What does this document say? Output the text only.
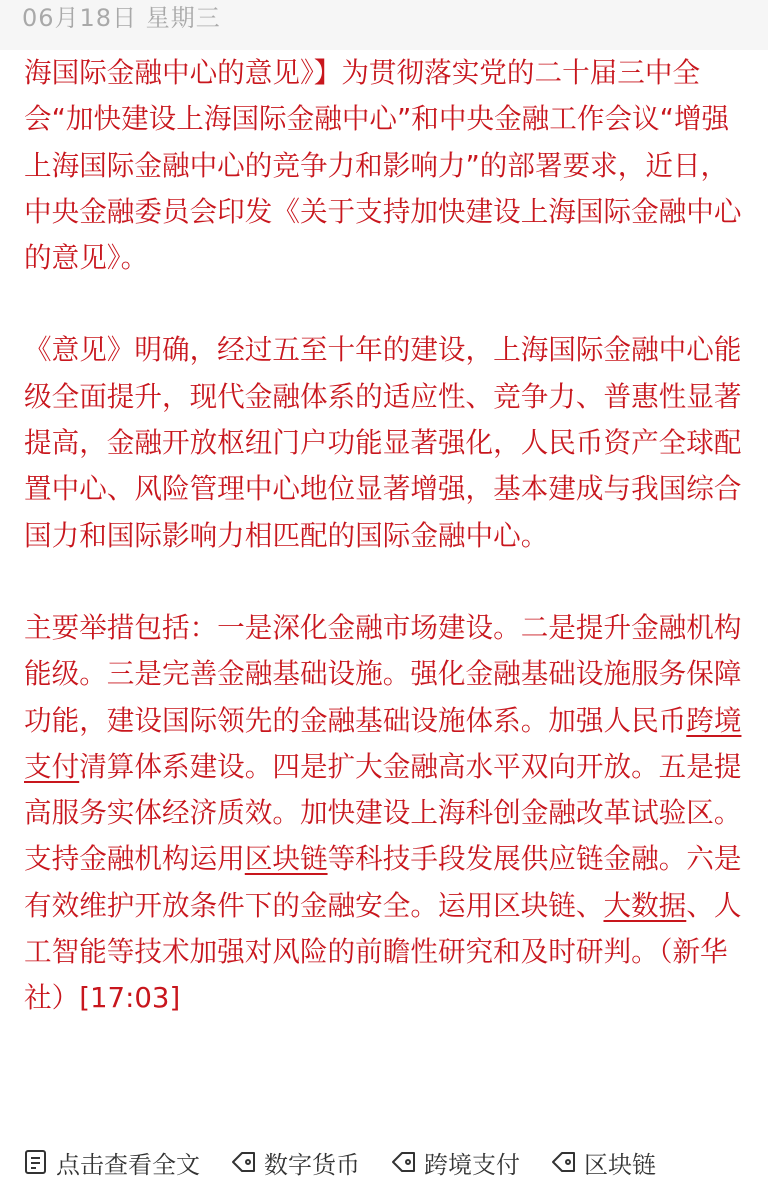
06月18日 星期三

海国际金融中心的意见》】为贯彻落实党的二十届三中全会“加快建设上海国际金融中心”和中央金融工作会议“增强上海国际金融中心的竞争力和影响力”的部署要求，近日，中央金融委员会印发《关于支持加快建设上海国际金融中心的意见》。

《意见》明确，经过五至十年的建设，上海国际金融中心能级全面提升，现代金融体系的适应性、竞争力、普惠性显著提高，金融开放枢纽门户功能显著强化，人民币资产全球配置中心、风险管理中心地位显著增强，基本建成与我国综合国力和国际影响力相匹配的国际金融中心。

主要举措包括：一是深化金融市场建设。二是提升金融机构能级。三是完善金融基础设施。强化金融基础设施服务保障功能，建设国际领先的金融基础设施体系。加强人民币跨境支付清算体系建设。四是扩大金融高水平双向开放。五是提高服务实体经济质效。加快建设上海科创金融改革试验区。支持金融机构运用区块链等科技手段发展供应链金融。六是有效维护开放条件下的金融安全。运用区块链、大数据、人工智能等技术加强对风险的前瞻性研究和及时研判。（新华社）[17:03]

点击查看全文	数字货币	跨境支付	区块链
